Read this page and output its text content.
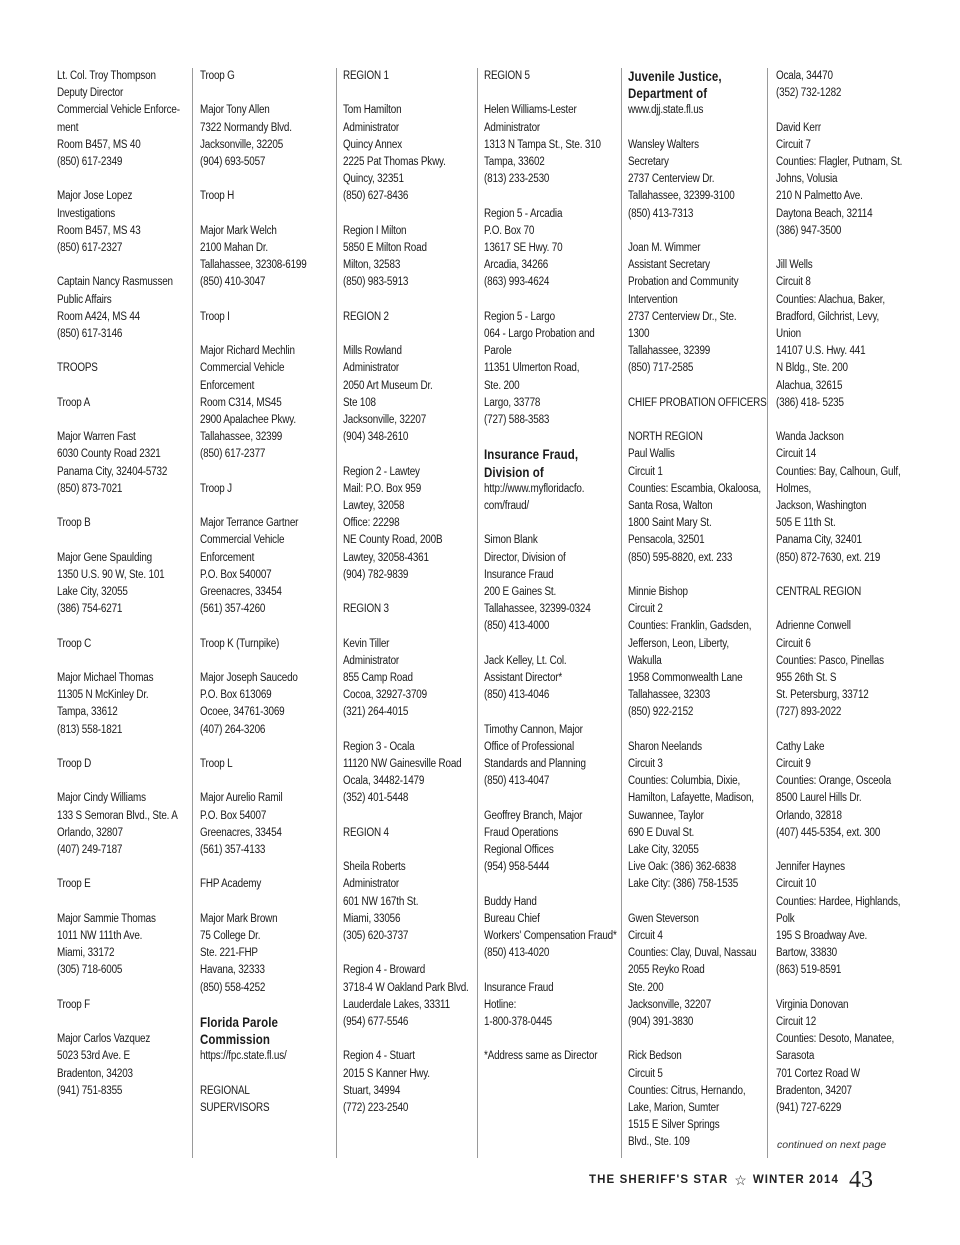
Lt. Col. Troy Thompson
Deputy Director
Commercial Vehicle Enforce-
ment
Room B457, MS 40
(850) 617-2349
Major Jose Lopez
Investigations
Room B457, MS 43
(850) 617-2327
Captain Nancy Rasmussen
Public Affairs
Room A424, MS 44
(850) 617-3146
TROOPS
Troop A
Major Warren Fast
6030 County Road 2321
Panama City, 32404-5732
(850) 873-7021
Troop B
Major Gene Spaulding
1350 U.S. 90 W, Ste. 101
Lake City, 32055
(386) 754-6271
Troop C
Major Michael Thomas
11305 N McKinley Dr.
Tampa, 33612
(813) 558-1821
Troop D
Major Cindy Williams
133 S Semoran Blvd., Ste. A
Orlando, 32807
(407) 249-7187
Troop E
Major Sammie Thomas
1011 NW 111th Ave.
Miami, 33172
(305) 718-6005
Troop F
Major Carlos Vazquez
5023 53rd Ave. E
Bradenton, 34203
(941) 751-8355
Troop G
Major Tony Allen
7322 Normandy Blvd.
Jacksonville, 32205
(904) 693-5057
Troop H
Major Mark Welch
2100 Mahan Dr.
Tallahassee, 32308-6199
(850) 410-3047
Troop I
Major Richard Mechlin
Commercial Vehicle
Enforcement
Room C314, MS45
2900 Apalachee Pkwy.
Tallahassee, 32399
(850) 617-2377
Troop J
Major Terrance Gartner
Commercial Vehicle
Enforcement
P.O. Box 540007
Greenacres, 33454
(561) 357-4260
Troop K (Turnpike)
Major Joseph Saucedo
P.O. Box 613069
Ocoee, 34761-3069
(407) 264-3206
Troop L
Major Aurelio Ramil
P.O. Box 54007
Greenacres, 33454
(561) 357-4133
FHP Academy
Major Mark Brown
75 College Dr.
Ste. 221-FHP
Havana, 32333
(850) 558-4252
Florida Parole
Commission
https://fpc.state.fl.us/
REGIONAL
SUPERVISORS
REGION 1
Tom Hamilton
Administrator
Quincy Annex
2225 Pat Thomas Pkwy.
Quincy, 32351
(850) 627-8436
Region I Milton
5850 E Milton Road
Milton, 32583
(850) 983-5913
REGION 2
Mills Rowland
Administrator
2050 Art Museum Dr.
Ste 108
Jacksonville, 32207
(904) 348-2610
Region 2 - Lawtey
Mail: P.O. Box 959
Lawtey, 32058
Office: 22298
NE County Road, 200B
Lawtey, 32058-4361
(904) 782-9839
REGION 3
Kevin Tiller
Administrator
855 Camp Road
Cocoa, 32927-3709
(321) 264-4015
Region 3 - Ocala
11120 NW Gainesville Road
Ocala, 34482-1479
(352) 401-5448
REGION 4
Sheila Roberts
Administrator
601 NW 167th St.
Miami, 33056
(305) 620-3737
Region 4 - Broward
3718-4 W Oakland Park Blvd.
Lauderdale Lakes, 33311
(954) 677-5546
Region 4 - Stuart
2015 S Kanner Hwy.
Stuart, 34994
(772) 223-2540
REGION 5
Helen Williams-Lester
Administrator
1313 N Tampa St., Ste. 310
Tampa, 33602
(813) 233-2530
Region 5 - Arcadia
P.O. Box 70
13617 SE Hwy. 70
Arcadia, 34266
(863) 993-4624
Region 5 - Largo
064 - Largo Probation and
Parole
11351 Ulmerton Road,
Ste. 200
Largo, 33778
(727) 588-3583
Insurance Fraud,
Division of
http://www.myfloridacfo.
com/fraud/
Simon Blank
Director, Division of
Insurance Fraud
200 E Gaines St.
Tallahassee, 32399-0324
(850) 413-4000
Jack Kelley, Lt. Col.
Assistant Director*
(850) 413-4046
Timothy Cannon, Major
Office of Professional
Standards and Planning
(850) 413-4047
Geoffrey Branch, Major
Fraud Operations
Regional Offices
(954) 958-5444
Buddy Hand
Bureau Chief
Workers' Compensation Fraud*
(850) 413-4020
Insurance Fraud
Hotline:
1-800-378-0445
*Address same as Director
Juvenile Justice,
Department of
www.djj.state.fl.us
Wansley Walters
Secretary
2737 Centerview Dr.
Tallahassee, 32399-3100
(850) 413-7313
Joan M. Wimmer
Assistant Secretary
Probation and Community
Intervention
2737 Centerview Dr., Ste.
1300
Tallahassee, 32399
(850) 717-2585
CHIEF PROBATION OFFICERS
NORTH REGION
Paul Wallis
Circuit 1
Counties: Escambia, Okaloosa,
Santa Rosa, Walton
1800 Saint Mary St.
Pensacola, 32501
(850) 595-8820, ext. 233
Minnie Bishop
Circuit 2
Counties: Franklin, Gadsden,
Jefferson, Leon, Liberty,
Wakulla
1958 Commonwealth Lane
Tallahassee, 32303
(850) 922-2152
Sharon Neelands
Circuit 3
Counties: Columbia, Dixie,
Hamilton, Lafayette, Madison,
Suwannee, Taylor
690 E Duval St.
Lake City, 32055
Live Oak: (386) 362-6838
Lake City: (386) 758-1535
Gwen Steverson
Circuit 4
Counties: Clay, Duval, Nassau
2055 Reyko Road
Ste. 200
Jacksonville, 32207
(904) 391-3830
Rick Bedson
Circuit 5
Counties: Citrus, Hernando,
Lake, Marion, Sumter
1515 E Silver Springs
Blvd., Ste. 109
Ocala, 34470
(352) 732-1282
David Kerr
Circuit 7
Counties: Flagler, Putnam, St.
Johns, Volusia
210 N Palmetto Ave.
Daytona Beach, 32114
(386) 947-3500
Jill Wells
Circuit 8
Counties: Alachua, Baker,
Bradford, Gilchrist, Levy,
Union
14107 U.S. Hwy. 441
N Bldg., Ste. 200
Alachua, 32615
(386) 418- 5235
Wanda Jackson
Circuit 14
Counties: Bay, Calhoun, Gulf,
Holmes,
Jackson, Washington
505 E 11th St.
Panama City, 32401
(850) 872-7630, ext. 219
CENTRAL REGION
Adrienne Conwell
Circuit 6
Counties: Pasco, Pinellas
955 26th St. S
St. Petersburg, 33712
(727) 893-2022
Cathy Lake
Circuit 9
Counties: Orange, Osceola
8500 Laurel Hills Dr.
Orlando, 32818
(407) 445-5354, ext. 300
Jennifer Haynes
Circuit 10
Counties: Hardee, Highlands,
Polk
195 S Broadway Ave.
Bartow, 33830
(863) 519-8591
Virginia Donovan
Circuit 12
Counties: Desoto, Manatee,
Sarasota
701 Cortez Road W
Bradenton, 34207
(941) 727-6229
continued on next page
THE SHERIFF'S STAR ☆ WINTER 2014 43
